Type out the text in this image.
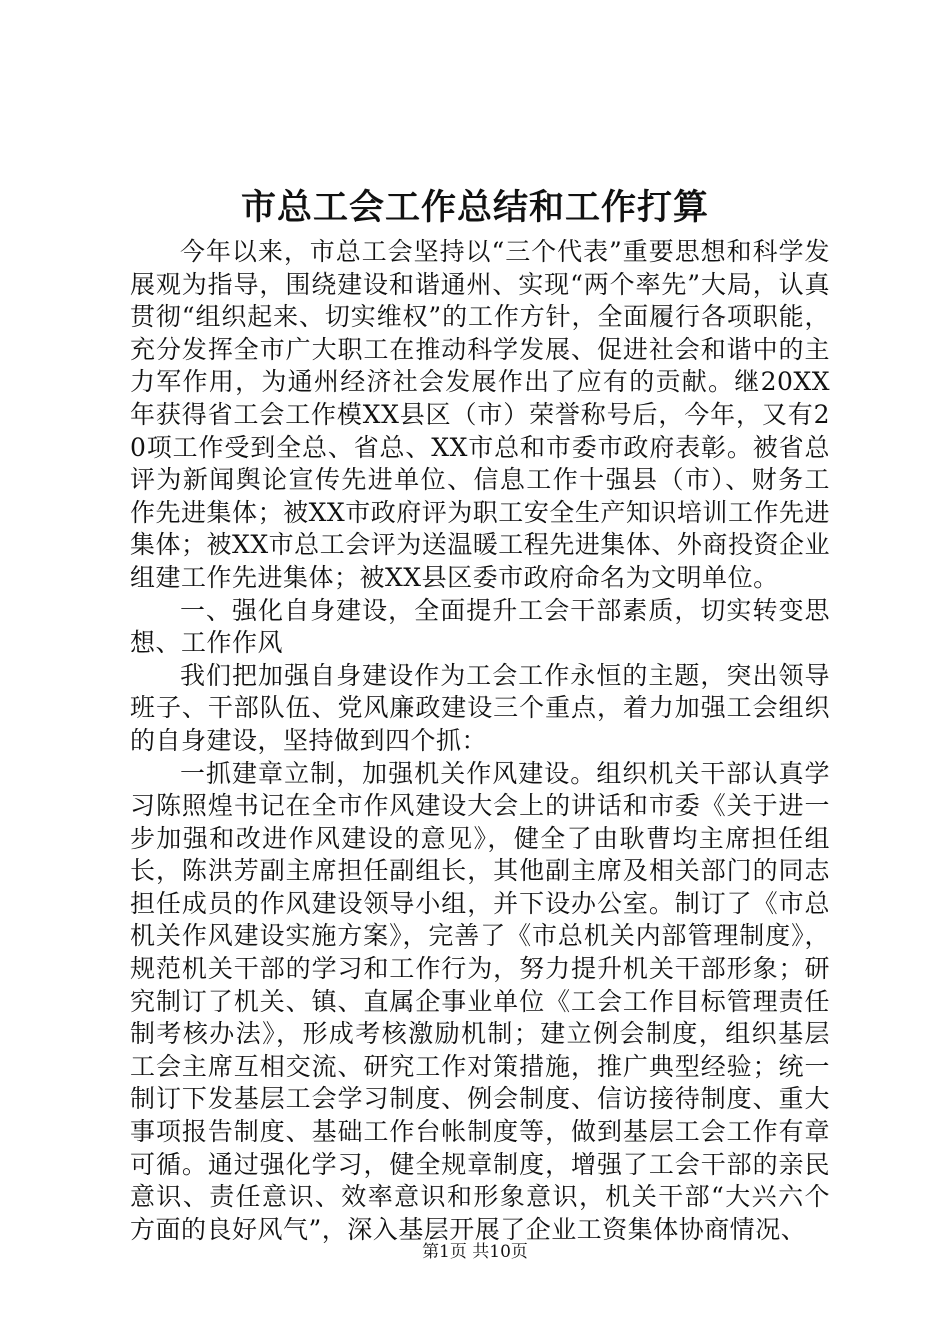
市总工会工作总结和工作打算

今年以来，市总工会坚持以“三个代表”重要思想和科学发展观为指导，围绕建设和谐通州、实现“两个率先”大局，认真贯彻“组织起来、切实维权”的工作方针，全面履行各项职能，充分发挥全市广大职工在推动科学发展、促进社会和谐中的主力军作用，为通州经济社会发展作出了应有的贡献。继20XX年获得省工会工作模XX县区（市）荣誉称号后，今年，又有20项工作受到全总、省总、XX市总和市委市政府表彰。被省总评为新闻舆论宣传先进单位、信息工作十强县（市）、财务工作先进集体；被XX市政府评为职工安全生产知识培训工作先进集体；被XX市总工会评为送温暖工程先进集体、外商投资企业组建工作先进集体；被XX县区委市政府命名为文明单位。

一、强化自身建设，全面提升工会干部素质，切实转变思想、工作作风

我们把加强自身建设作为工会工作永恒的主题，突出领导班子、干部队伍、党风廉政建设三个重点，着力加强工会组织的自身建设，坚持做到四个抓：

一抓建章立制，加强机关作风建设。组织机关干部认真学习陈照煌书记在全市作风建设大会上的讲话和市委《关于进一步加强和改进作风建设的意见》，健全了由耿曹均主席担任组长，陈洪芳副主席担任副组长，其他副主席及相关部门的同志担任成员的作风建设领导小组，并下设办公室。制订了《市总机关作风建设实施方案》，完善了《市总机关内部管理制度》，规范机关干部的学习和工作行为，努力提升机关干部形象；研究制订了机关、镇、直属企事业单位《工会工作目标管理责任制考核办法》，形成考核激励机制；建立例会制度，组织基层工会主席互相交流、研究工作对策措施，推广典型经验；统一制订下发基层工会学习制度、例会制度、信访接待制度、重大事项报告制度、基础工作台帐制度等，做到基层工会工作有章可循。通过强化学习，健全规章制度，增强了工会干部的亲民意识、责任意识、效率意识和形象意识，机关干部“大兴六个方面的良好风气”，深入基层开展了企业工资集体协商情况、

第1页 共10页
